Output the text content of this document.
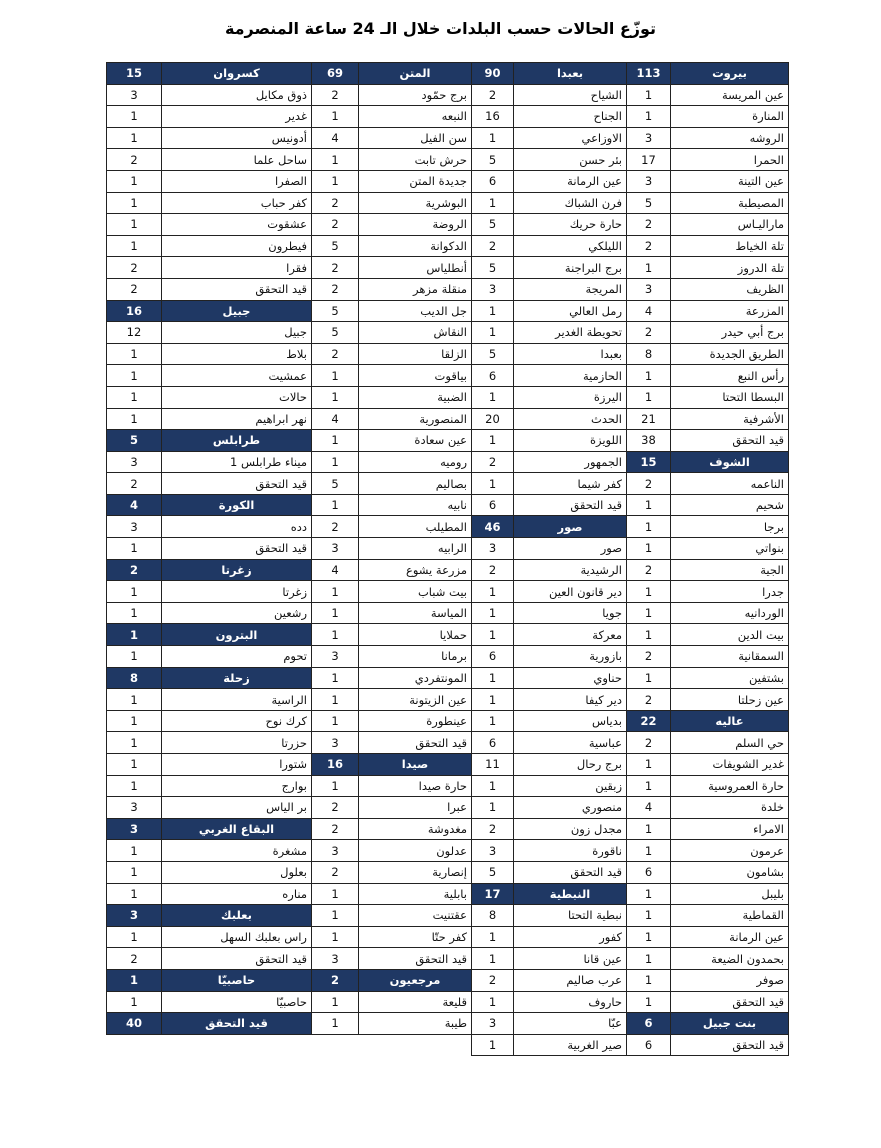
توزّع الحالات حسب البلدات خلال الـ 24 ساعة المنصرمة
بيروت	113
عين المريسة	1
المنارة	1
الروشه	3
الحمرا	17
عين التينة	3
المصيطبة	5
ماراليـاس	2
تلة الخياط	2
تلة الدروز	1
الظريف	3
المزرعة	4
برج أبي حيدر	2
الطريق الجديدة	8
رأس النبع	1
البسطا التحتا	1
الأشرفية	21
قيد التحقق	38
الشوف	15
الناعمه	2
شحيم	1
برجا	1
بنواتي	1
الجية	2
جدرا	1
الوردانيه	1
بيت الدين	1
السمقانية	2
بشتفين	1
عين زحلتا	2
عاليه	22
حي السلم	2
غدير الشويفات	1
حارة العمروسية	1
خلدة	4
الامراء	1
عرمون	1
بشامون	6
بليبل	1
القماطية	1
عين الرمانة	1
بحمدون الضيعة	1
صوفر	1
قيد التحقق	1
بنت جبيل	6
قيد التحقق	6
بعبدا	90
الشياح	2
الجناح	16
الاوزاعي	1
بئر حسن	5
عين الرمانة	6
فرن الشباك	1
حارة حريك	5
الليلكي	2
برج البراجنة	5
المريجة	3
رمل العالي	1
تحويطة الغدير	1
بعبدا	5
الحازمية	6
اليرزة	1
الحدث	20
اللويزة	1
الجمهور	2
كفر شيما	1
قيد التحقق	6
صور	46
صور	3
الرشيدية	2
دير قانون العين	1
جويا	1
معركة	1
بازورية	6
حناوي	1
دير كيفا	1
بدياس	1
عباسية	6
برج رحال	11
زبقين	1
منصوري	1
مجدل زون	2
ناقورة	3
قيد التحقق	5
النبطية	17
نبطية التحتا	8
كفور	1
عين قانا	1
عرب صاليم	2
حاروف	1
عبّا	3
صير الغربية	1
المتن	69
برج حمّود	2
النبعه	1
سن الفيل	4
حرش تابت	1
جديدة المتن	1
البوشرية	2
الروضة	2
الدكوانة	5
أنطلياس	2
منقلة مزهر	2
جل الديب	5
النقاش	5
الزلقا	2
بياقوت	1
الضبية	1
المنصورية	4
عين سعادة	1
روميه	1
بصاليم	5
نابيه	1
المطيلب	2
الرابيه	3
مزرعة يشوع	4
بيت شباب	1
المياسة	1
حملايا	1
برمانا	3
المونتفردي	1
عين الزيتونة	1
عينطورة	1
قيد التحقق	3
صيدا	16
حارة صيدا	1
عبرا	2
مغدوشة	2
عدلون	3
إنصارية	2
بابلية	1
عقتنيت	1
كفر حتّا	1
قيد التحقق	3
مرجعيون	2
قليعة	1
طيبة	1
كسروان	15
ذوق مكايل	3
غدير	1
أدونيس	1
ساحل علما	2
الصفرا	1
كفر حباب	1
عشقوت	1
فيطرون	1
فقرا	2
قيد التحقق	2
جبيل	16
جبيل	12
بلاط	1
عمشيت	1
حالات	1
نهر ابراهيم	1
طرابلس	5
ميناء طرابلس 1	3
قيد التحقق	2
الكورة	4
دده	3
قيد التحقق	1
زغرتا	2
زغرتا	1
رشعين	1
البترون	1
تحوم	1
زحلة	8
الراسية	1
كرك نوح	1
حزرتا	1
شتورا	1
بوارج	1
بر الياس	3
البقاع الغربي	3
مشغرة	1
بعلول	1
مناره	1
بعلبك	3
راس بعلبك السهل	1
قيد التحقق	2
حاصبيّا	1
حاصبيّا	1
قيد التحقق	40
